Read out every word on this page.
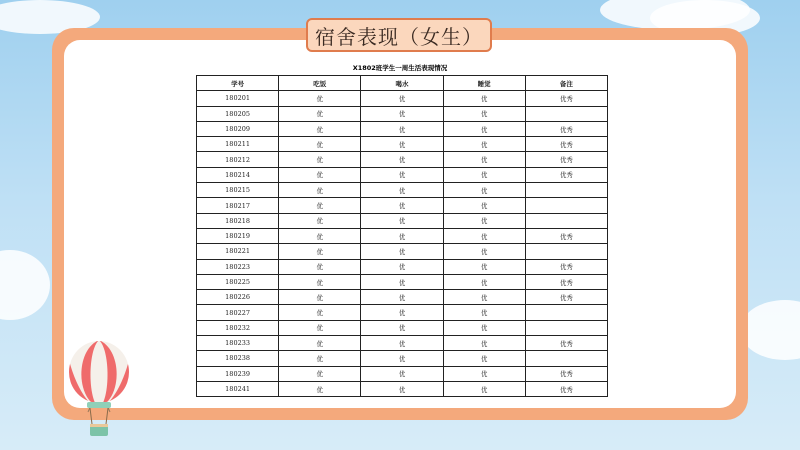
宿舍表现（女生）
X1802班学生一周生活表现情况
学号	吃饭	喝水	睡觉	备注
180201	优	优	优	优秀
180205	优	优	优	
180209	优	优	优	优秀
180211	优	优	优	优秀
180212	优	优	优	优秀
180214	优	优	优	优秀
180215	优	优	优	
180217	优	优	优	
180218	优	优	优	
180219	优	优	优	优秀
180221	优	优	优	
180223	优	优	优	优秀
180225	优	优	优	优秀
180226	优	优	优	优秀
180227	优	优	优	
180232	优	优	优	
180233	优	优	优	优秀
180238	优	优	优	
180239	优	优	优	优秀
180241	优	优	优	优秀
